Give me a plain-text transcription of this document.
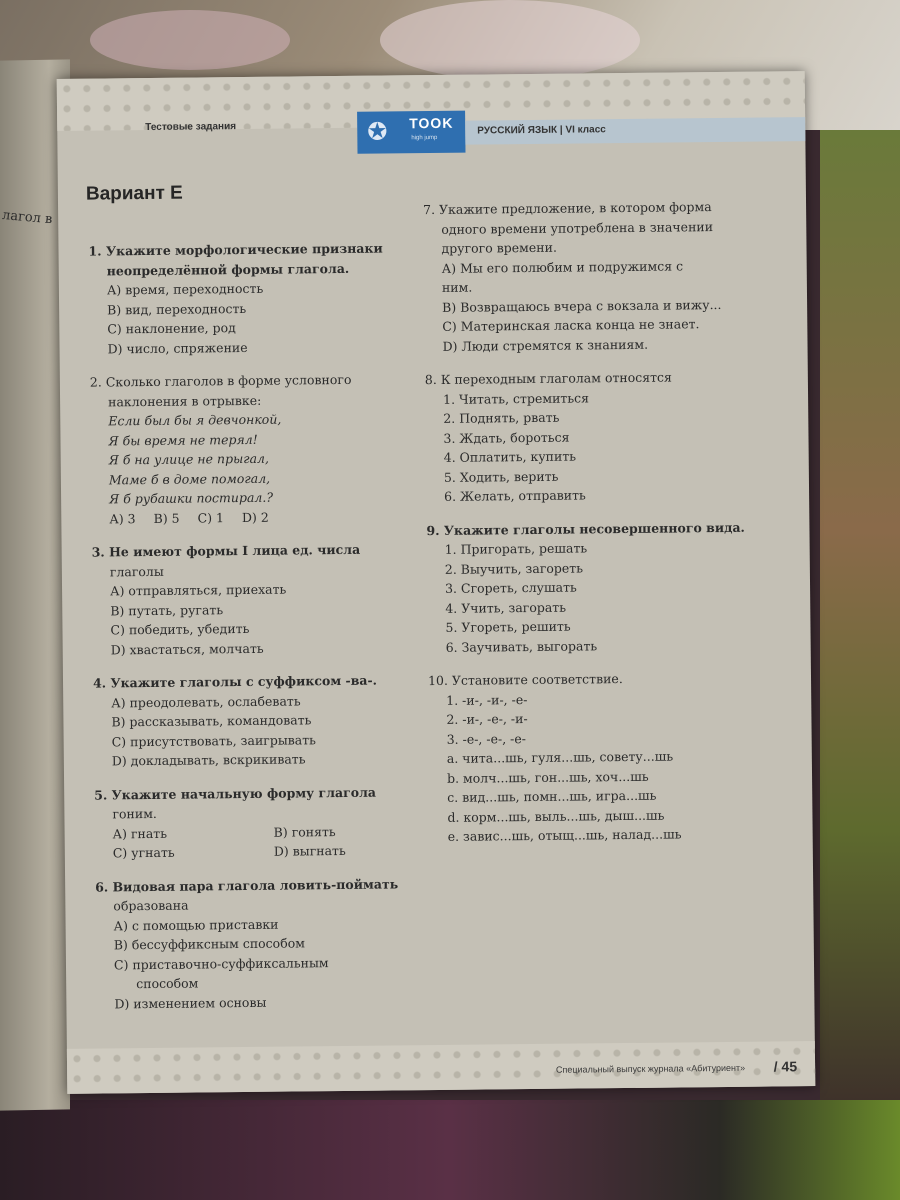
лагол в
Тестовые задания	✪ TOOK
high jump
РУССКИЙ ЯЗЫК | VI класс
Вариант Е
1. Укажите морфологические признаки
неопределённой формы глагола.
А) время, переходность
В) вид, переходность
С) наклонение, род
D) число, спряжение
2. Сколько глаголов в форме условного
наклонения в отрывке:
Если был бы я девчонкой,
Я бы время не терял!
Я б на улице не прыгал,
Маме б в доме помогал,
Я б рубашки постирал.?
А) 3 В) 5 С) 1 D) 2
3. Не имеют формы I лица ед. числа
глаголы
А) отправляться, приехать
В) путать, ругать
С) победить, убедить
D) хвастаться, молчать
4. Укажите глаголы с суффиксом -ва-.
А) преодолевать, ослабевать
В) рассказывать, командовать
С) присутствовать, заигрывать
D) докладывать, вскрикивать
5. Укажите начальную форму глагола
гоним.
А) гнать
С) угнать
В) гонять
D) выгнать
6. Видовая пара глагола ловить-поймать
образована
А) с помощью приставки
В) бессуффиксным способом
С) приставочно-суффиксальным
способом
D) изменением основы
7. Укажите предложение, в котором форма
одного времени употреблена в значении
другого времени.
А) Мы его полюбим и подружимся с
ним.
В) Возвращаюсь вчера с вокзала и вижу...
С) Материнская ласка конца не знает.
D) Люди стремятся к знаниям.
8. К переходным глаголам относятся
1. Читать, стремиться
2. Поднять, рвать
3. Ждать, бороться
4. Оплатить, купить
5. Ходить, верить
6. Желать, отправить
9. Укажите глаголы несовершенного вида.
1. Пригорать, решать
2. Выучить, загореть
3. Сгореть, слушать
4. Учить, загорать
5. Угореть, решить
6. Заучивать, выгорать
10. Установите соответствие.
1. -и-, -и-, -е-
2. -и-, -е-, -и-
3. -е-, -е-, -е-
a. чита...шь, гуля...шь, совету...шь
b. молч...шь, гон...шь, хоч...шь
c. вид...шь, помн...шь, игра...шь
d. корм...шь, выль...шь, дыш...шь
e. завис...шь, отыщ...шь, налад...шь
Специальный выпуск журнала «Абитуриент» / 45
